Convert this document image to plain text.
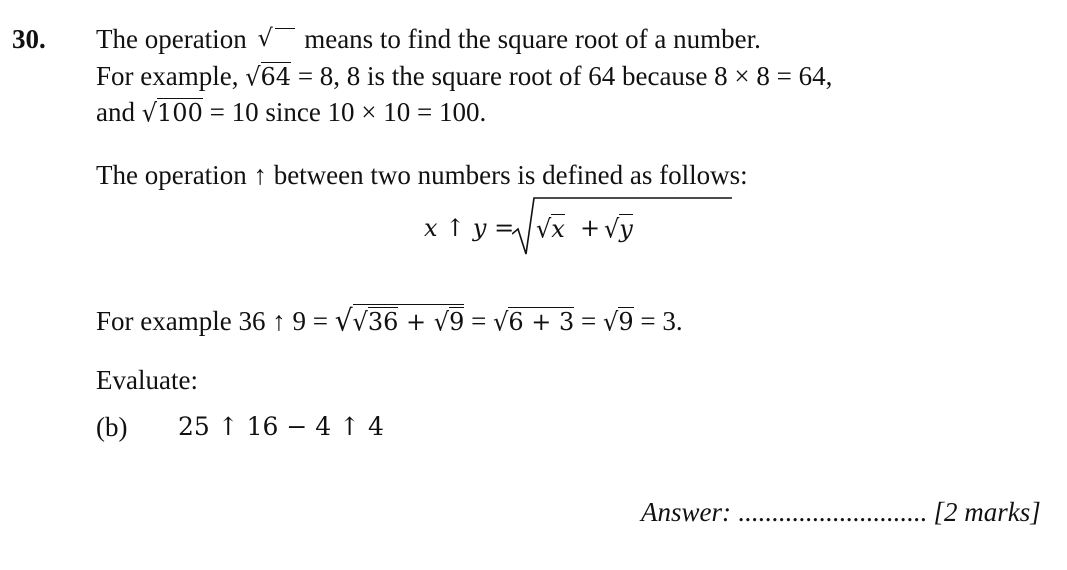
30. The operation √ means to find the square root of a number.
For example, √64 = 8, 8 is the square root of 64 because 8 × 8 = 64,
and √100 = 10 since 10 × 10 = 100.
The operation ↑ between two numbers is defined as follows:
x ↑ y = √x + √y
For example 36 ↑ 9 = √√36 + √9 = √6 + 3 = √9 = 3.
Evaluate:
(b) 25 ↑ 16 − 4 ↑ 4
Answer: ............................ [2 marks]
